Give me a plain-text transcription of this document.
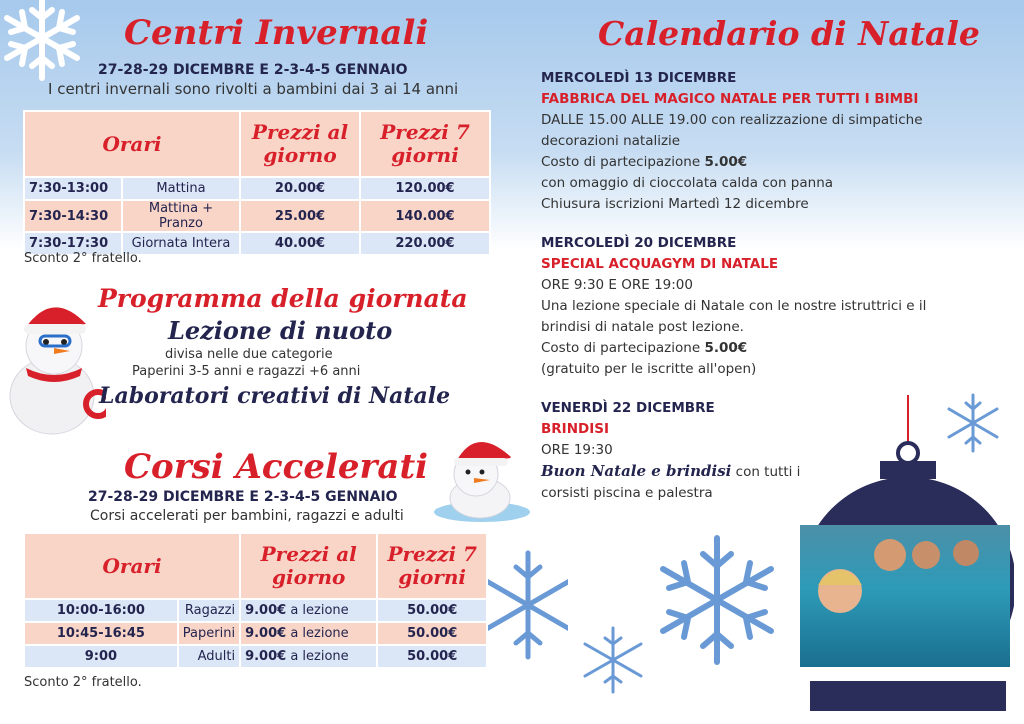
Centri Invernali
27-28-29 DICEMBRE E 2-3-4-5 GENNAIO
I centri invernali sono rivolti a bambini dai 3 ai 14 anni
Orari		Prezzi al giorno	Prezzi 7 giorni

7:30-13:00	Mattina	20.00€	120.00€
7:30-14:30	Mattina + Pranzo	25.00€	140.00€
7:30-17:30	Giornata Intera	40.00€	220.00€
Sconto 2° fratello.
Programma della giornata
Lezione di nuoto
divisa nelle due categorie
Paperini 3-5 anni e ragazzi +6 anni
Laboratori creativi di Natale
Corsi Accelerati
27-28-29 DICEMBRE E 2-3-4-5 GENNAIO
Corsi accelerati per bambini, ragazzi e adulti
Orari		Prezzi al giorno	Prezzi 7 giorni

10:00-16:00	Ragazzi	9.00€ a lezione	50.00€
10:45-16:45	Paperini	9.00€ a lezione	50.00€
9:00	Adulti	9.00€ a lezione	50.00€
Sconto 2° fratello.
Calendario di Natale
MERCOLEDÌ 13 DICEMBRE
FABBRICA DEL MAGICO NATALE PER TUTTI I BIMBI
DALLE 15.00 ALLE 19.00 con realizzazione di simpatiche
decorazioni natalizie
Costo di partecipazione 5.00€
con omaggio di cioccolata calda con panna
Chiusura iscrizioni Martedì 12 dicembre
MERCOLEDÌ 20 DICEMBRE
SPECIAL ACQUAGYM DI NATALE
ORE 9:30 E ORE 19:00
Una lezione speciale di Natale con le nostre istruttrici e il
brindisi di natale post lezione.
Costo di partecipazione 5.00€
(gratuito per le iscritte all'open)
VENERDÌ 22 DICEMBRE
BRINDISI
ORE 19:30
Buon Natale e brindisi con tutti i
corsisti piscina e palestra
